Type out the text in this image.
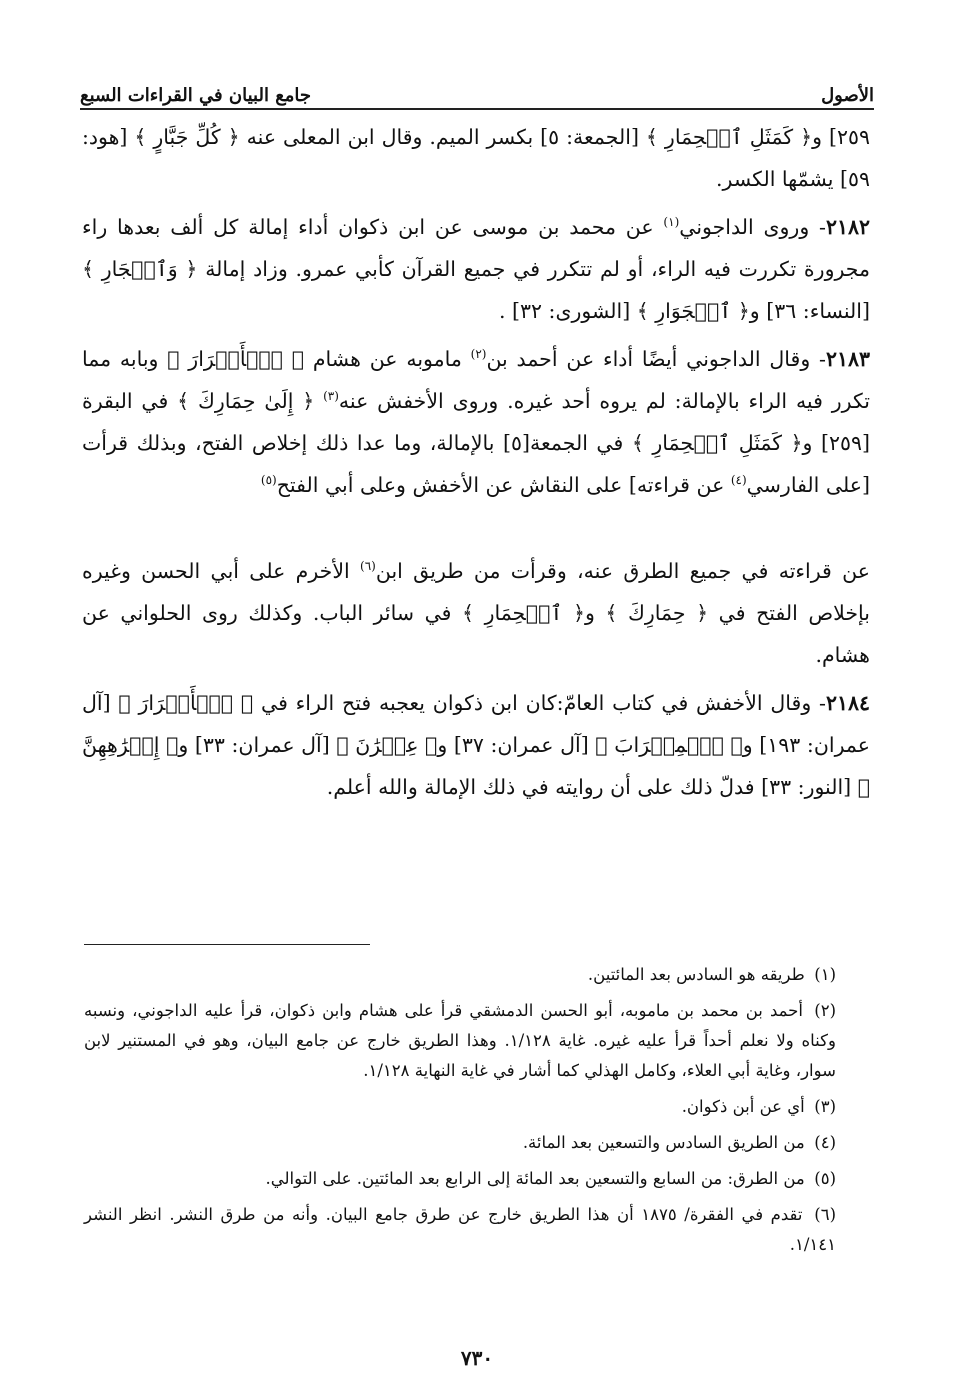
الأصول
جامع البيان في القراءات السبع

٢٥٩] و﴿ كَمَثَلِ ٱلۡحِمَارِ ﴾ [الجمعة: ٥] بكسر الميم. وقال ابن المعلى عنه ﴿ كُلِّ جَبَّارٍ ﴾ [هود: ٥٩] يشمّها الكسر.

٢١٨٢- وروى الداجوني$^{(١)}$ عن محمد بن موسى عن ابن ذكوان أداء إمالة كل ألف بعدها راء مجرورة تكررت فيه الراء، أو لم تتكرر في جميع القرآن كأبي عمرو. وزاد إمالة ﴿ وَٱلۡجَارِ ﴾ [النساء: ٣٦] و﴿ ٱلۡجَوَارِ ﴾ [الشورى: ٣٢] .

٢١٨٣- وقال الداجوني أيضًا أداء عن أحمد بن$^{(٢)}$ ماموبه عن هشام ﴿ ٱلۡأَبۡرَارَ ﴾ وبابه مما تكرر فيه الراء بالإمالة: لم يروه أحد غيره. وروى الأخفش عنه$^{(٣)}$ ﴿ إِلَىٰ حِمَارِكَ ﴾ في البقرة [٢٥٩] و﴿ كَمَثَلِ ٱلۡحِمَارِ ﴾ في الجمعة[٥] بالإمالة، وما عدا ذلك إخلاص الفتح، وبذلك قرأت [على الفارسي$^{(٤)}$ عن قراءته] على النقاش عن الأخفش وعلى أبي الفتح$^{(٥)}$

عن قراءته في جميع الطرق عنه، وقرأت من طريق ابن$^{(٦)}$ الأخرم على أبي الحسن وغيره بإخلاص الفتح في ﴿ حِمَارِكَ ﴾ و﴿ ٱلۡحِمَارِ ﴾ في سائر الباب. وكذلك روى الحلواني عن هشام.

٢١٨٤- وقال الأخفش في كتاب العامّ:كان ابن ذكوان يعجبه فتح الراء في ﴿ ٱلۡأَبۡرَارَ ﴾ [آل عمران: ١٩٣] و﴿ ٱلۡمِحۡرَابَ ﴾ [آل عمران: ٣٧] و﴿ عِمۡرَٰنَ ﴾ [آل عمران: ٣٣] و﴿ إِكۡرَٰهِهِنَّ ﴾ [النور: ٣٣] فدلّ ذلك على أن روايته في ذلك الإمالة والله أعلم.

(١) طريقه هو السادس بعد المائتين.

(٢) أحمد بن محمد بن ماموبه، أبو الحسن الدمشقي قرأ على هشام وابن ذكوان، قرأ عليه الداجوني، ونسبه وكناه ولا نعلم أحداً قرأ عليه غيره. غاية ١/١٢٨. وهذا الطريق خارج عن جامع البيان، وهو في المستنير لابن سوار، وغاية أبي العلاء، وكامل الهذلي كما أشار في غاية النهاية ١/١٢٨.

(٣) أي عن أبن ذكوان.

(٤) من الطريق السادس والتسعين بعد المائة.

(٥) من الطرق: من السابع والتسعين بعد المائة إلى الرابع بعد المائتين. على التوالي.

(٦) تقدم في الفقرة/ ١٨٧٥ أن هذا الطريق خارج عن طرق جامع البيان. وأنه من طرق النشر. انظر النشر ١/١٤١.

٧٣٠
